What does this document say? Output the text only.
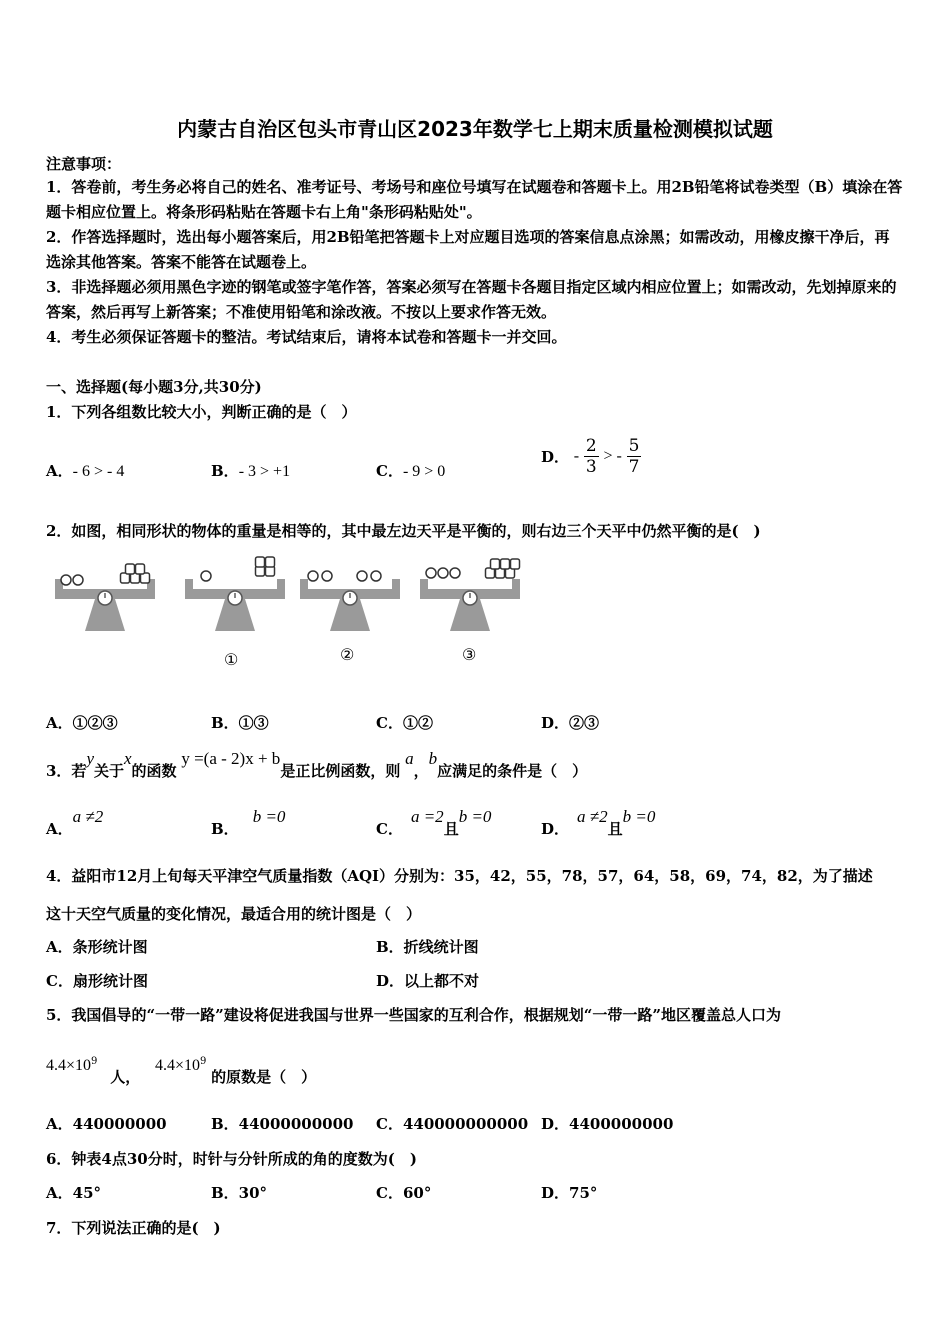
内蒙古自治区包头市青山区2023年数学七上期末质量检测模拟试题
注意事项：
1．答卷前，考生务必将自己的姓名、准考证号、考场号和座位号填写在试题卷和答题卡上。用2B铅笔将试卷类型（B）填涂在答题卡相应位置上。将条形码粘贴在答题卡右上角"条形码粘贴处"。
2．作答选择题时，选出每小题答案后，用2B铅笔把答题卡上对应题目选项的答案信息点涂黑；如需改动，用橡皮擦干净后，再选涂其他答案。答案不能答在试题卷上。
3．非选择题必须用黑色字迹的钢笔或签字笔作答，答案必须写在答题卡各题目指定区域内相应位置上；如需改动，先划掉原来的答案，然后再写上新答案；不准使用铅笔和涂改液。不按以上要求作答无效。
4．考生必须保证答题卡的整洁。考试结束后，请将本试卷和答题卡一并交回。
一、选择题(每小题3分,共30分)
1．下列各组数比较大小，判断正确的是（　）
A．- 6 > - 4	B．- 3 > +1	C．- 9 > 0
D． - $\frac{2}{3}$ > - $\frac{5}{7}$
2．如图，相同形状的物体的重量是相等的，其中最左边天平是平衡的，则右边三个天平中仍然平衡的是(　)
①	②	③
A．①②③	B．①③	C．①②	D．②③
3．若y关于x的函数 y =(a - 2)x + b是正比例函数，则 a，b应满足的条件是（　）
A．a ≠2
B．b =0
C．a =2且b =0
D．a ≠2且b =0
4．益阳市12月上旬每天平津空气质量指数（AQI）分别为：35，42，55，78，57，64，58，69，74，82，为了描述
这十天空气质量的变化情况，最适合用的统计图是（　）
A．条形统计图	B．折线统计图
C．扇形统计图	D．以上都不对
5．我国倡导的“一带一路”建设将促进我国与世界一些国家的互利合作，根据规划“一带一路”地区覆盖总人口为
$4.4\times 10^9$ 人， $4.4\times 10^9$ 的原数是（　）
A．440000000	B．44000000000 C．440000000000 D．4400000000
6．钟表4点30分时，时针与分针所成的角的度数为(　)
A．45°	B．30°	C．60°	D．75°
7．下列说法正确的是(　)
